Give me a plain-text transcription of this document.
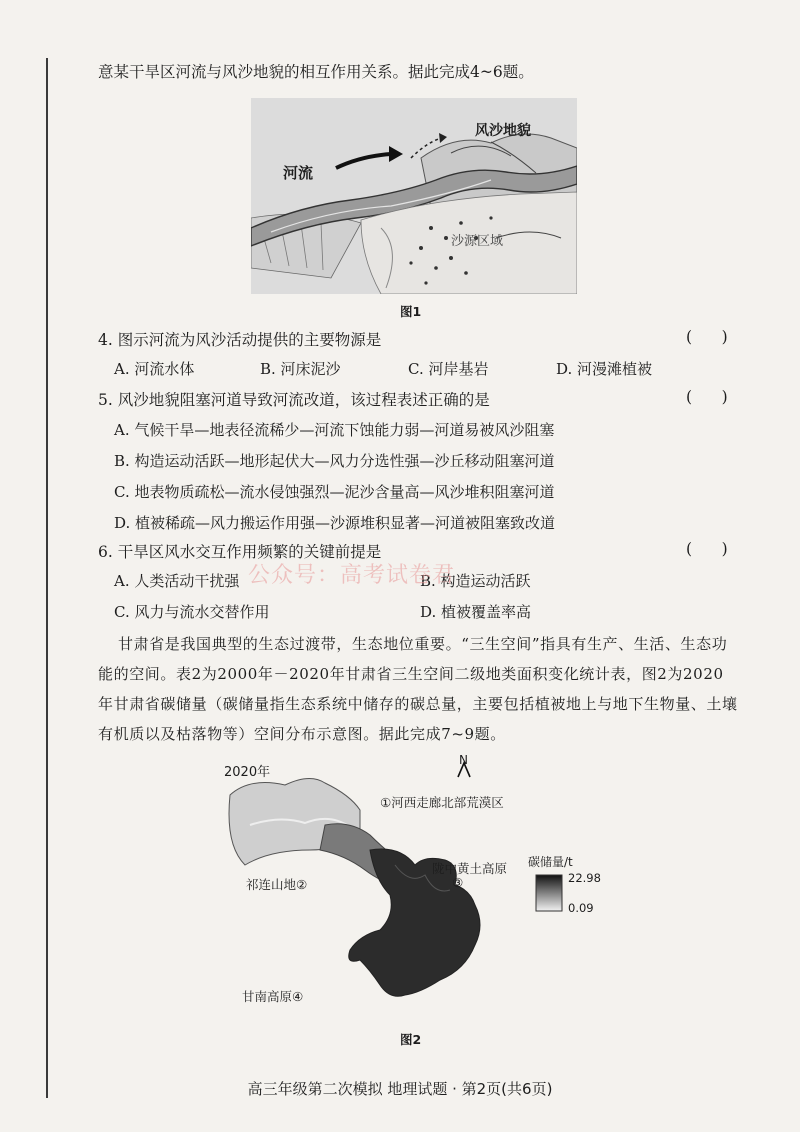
意某干旱区河流与风沙地貌的相互作用关系。据此完成4~6题。
河流
风沙地貌
沙源区域
图1
4. 图示河流为风沙活动提供的主要物源是	(      )
A. 河流水体	B. 河床泥沙	C. 河岸基岩	D. 河漫滩植被
5. 风沙地貌阻塞河道导致河流改道，该过程表述正确的是	(      )
A. 气候干旱—地表径流稀少—河流下蚀能力弱—河道易被风沙阻塞
B. 构造运动活跃—地形起伏大—风力分选性强—沙丘移动阻塞河道
C. 地表物质疏松—流水侵蚀强烈—泥沙含量高—风沙堆积阻塞河道
D. 植被稀疏—风力搬运作用强—沙源堆积显著—河道被阻塞致改道
6. 干旱区风水交互作用频繁的关键前提是	(      )
A. 人类活动干扰强	B. 构造运动活跃
C. 风力与流水交替作用	D. 植被覆盖率高
公众号：高考试卷君
甘肃省是我国典型的生态过渡带，生态地位重要。“三生空间”指具有生产、生活、生态功
能的空间。表2为2000年－2020年甘肃省三生空间二级地类面积变化统计表，图2为2020
年甘肃省碳储量（碳储量指生态系统中储存的碳总量，主要包括植被地上与地下生物量、土壤
有机质以及枯落物等）空间分布示意图。据此完成7~9题。
2020年
N
①河西走廊北部荒漠区
祁连山地②
陇中黄土高原
③
甘南高原④
碳储量/t
22.98
0.09
图2
高三年级第二次模拟 地理试题 · 第2页(共6页)
